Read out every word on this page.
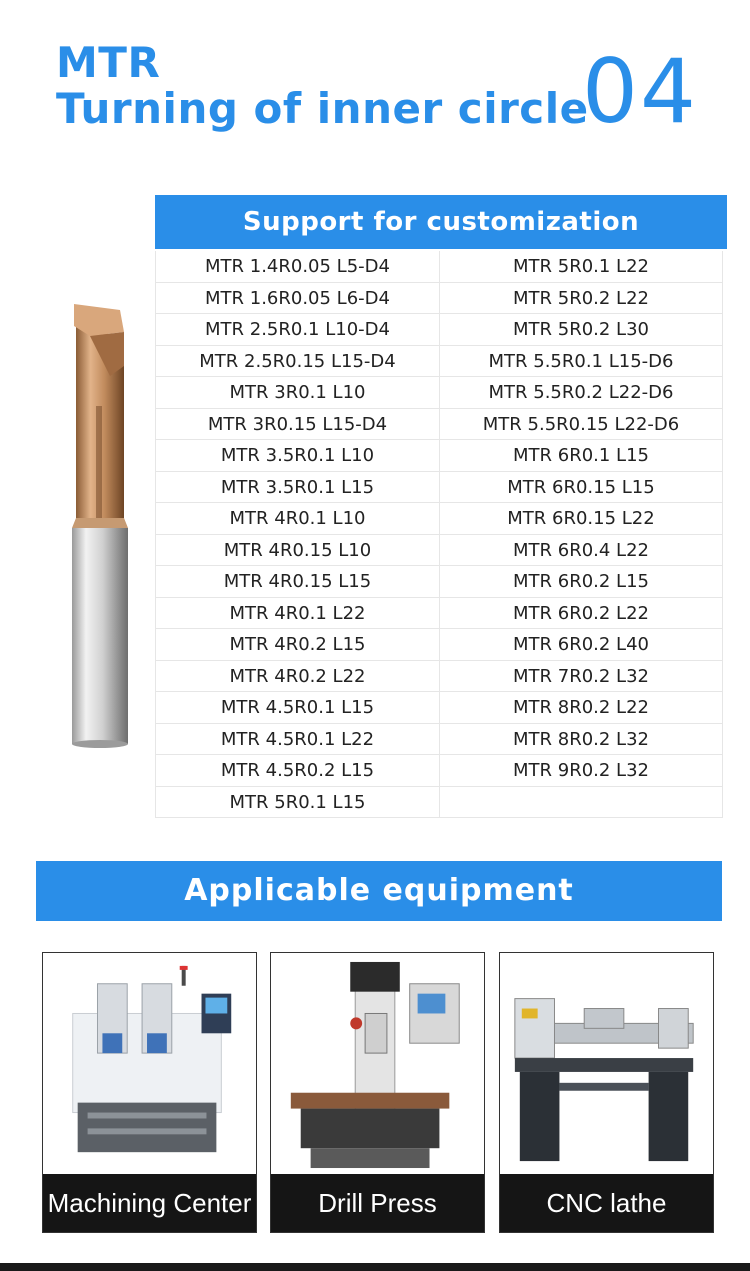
MTR
Turning of inner circle
04
Support for customization
MTR 1.4R0.05 L5-D4	MTR 5R0.1 L22
MTR 1.6R0.05 L6-D4	MTR 5R0.2 L22
MTR 2.5R0.1 L10-D4	MTR 5R0.2 L30
MTR 2.5R0.15 L15-D4	MTR 5.5R0.1 L15-D6
MTR 3R0.1 L10	MTR 5.5R0.2 L22-D6
MTR 3R0.15 L15-D4	MTR 5.5R0.15 L22-D6
MTR 3.5R0.1 L10	MTR 6R0.1 L15
MTR 3.5R0.1 L15	MTR 6R0.15 L15
MTR 4R0.1 L10	MTR 6R0.15 L22
MTR 4R0.15 L10	MTR 6R0.4 L22
MTR 4R0.15 L15	MTR 6R0.2 L15
MTR 4R0.1 L22	MTR 6R0.2 L22
MTR 4R0.2 L15	MTR 6R0.2 L40
MTR 4R0.2 L22	MTR 7R0.2 L32
MTR 4.5R0.1 L15	MTR 8R0.2 L22
MTR 4.5R0.1 L22	MTR 8R0.2 L32
MTR 4.5R0.2 L15	MTR 9R0.2 L32
MTR 5R0.1 L15
Applicable equipment
Machining Center	Drill Press	CNC lathe
